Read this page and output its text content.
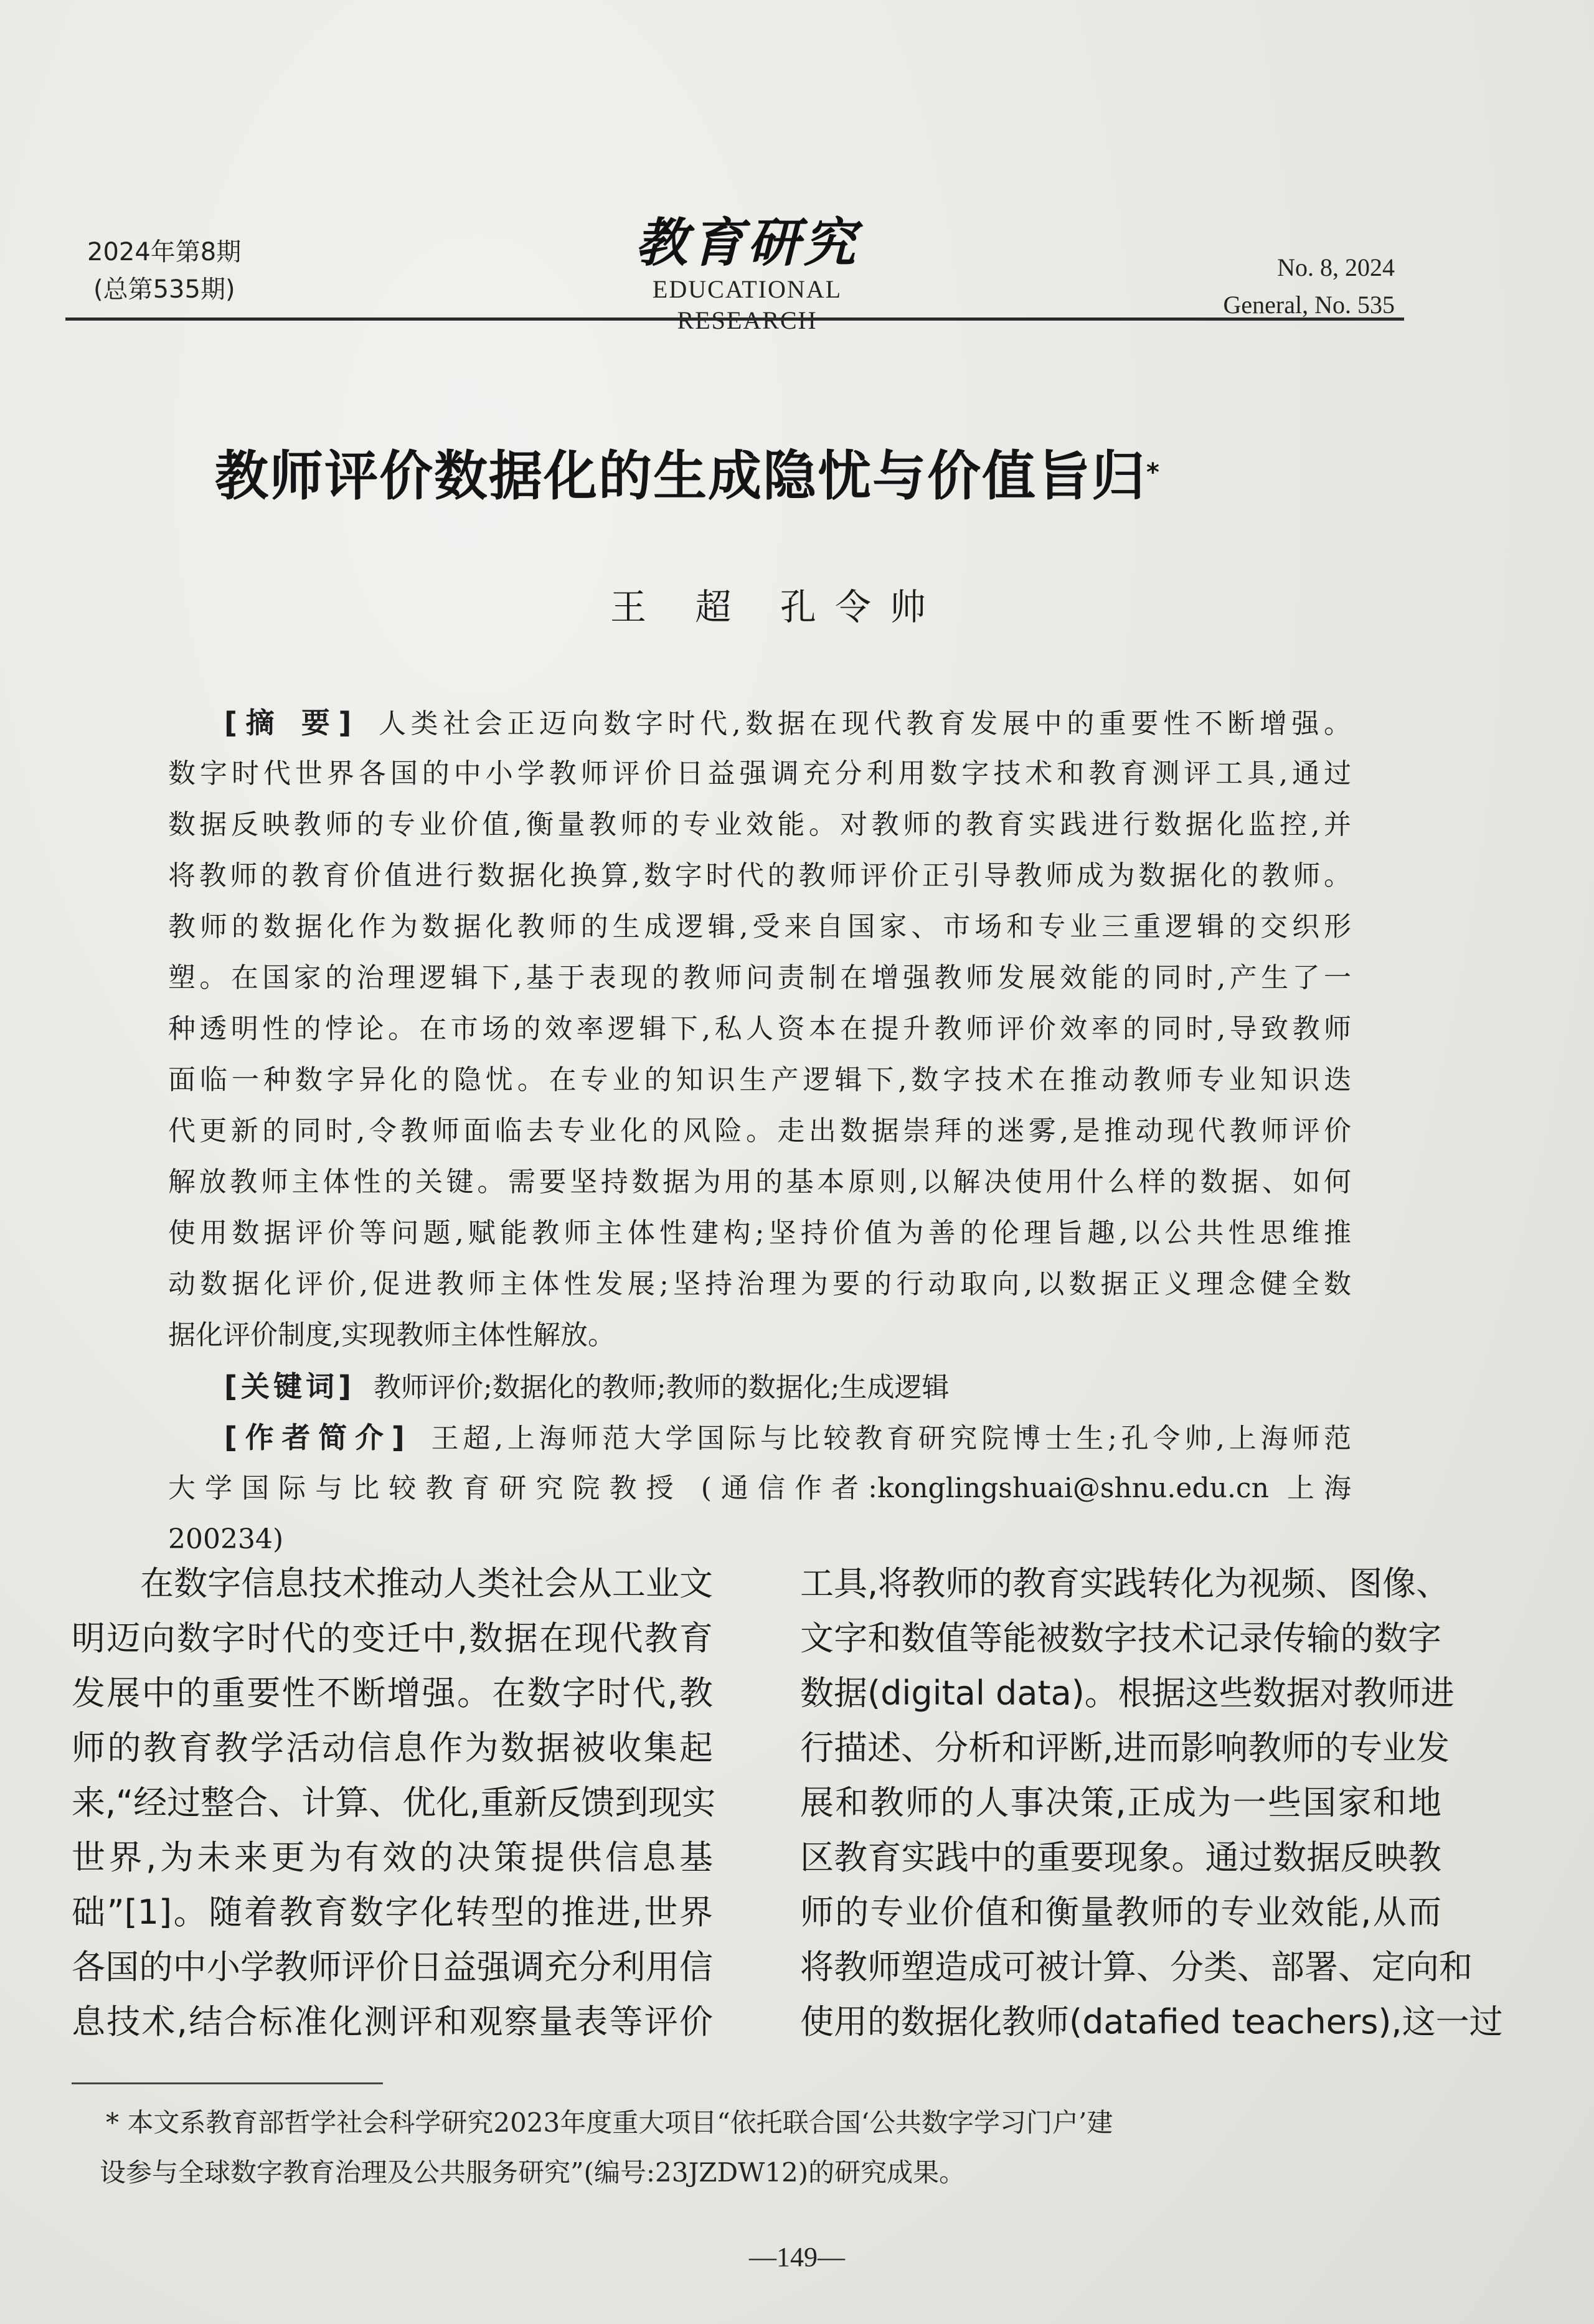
2024年第8期
(总第535期)
教育研究
EDUCATIONAL RESEARCH
No. 8, 2024
General, No. 535
教师评价数据化的生成隐忧与价值旨归*
王 超 孔令帅
[摘 要] 人类社会正迈向数字时代,数据在现代教育发展中的重要性不断增强。
数字时代世界各国的中小学教师评价日益强调充分利用数字技术和教育测评工具,通过
数据反映教师的专业价值,衡量教师的专业效能。对教师的教育实践进行数据化监控,并
将教师的教育价值进行数据化换算,数字时代的教师评价正引导教师成为数据化的教师。
教师的数据化作为数据化教师的生成逻辑,受来自国家、市场和专业三重逻辑的交织形
塑。在国家的治理逻辑下,基于表现的教师问责制在增强教师发展效能的同时,产生了一
种透明性的悖论。在市场的效率逻辑下,私人资本在提升教师评价效率的同时,导致教师
面临一种数字异化的隐忧。在专业的知识生产逻辑下,数字技术在推动教师专业知识迭
代更新的同时,令教师面临去专业化的风险。走出数据崇拜的迷雾,是推动现代教师评价
解放教师主体性的关键。需要坚持数据为用的基本原则,以解决使用什么样的数据、如何
使用数据评价等问题,赋能教师主体性建构;坚持价值为善的伦理旨趣,以公共性思维推
动数据化评价,促进教师主体性发展;坚持治理为要的行动取向,以数据正义理念健全数
据化评价制度,实现教师主体性解放。
[关键词] 教师评价;数据化的教师;教师的数据化;生成逻辑
[作者简介] 王超,上海师范大学国际与比较教育研究院博士生;孔令帅,上海师范
大学国际与比较教育研究院教授 (通信作者:konglingshuai@shnu.edu.cn 上海
200234)
在数字信息技术推动人类社会从工业文
明迈向数字时代的变迁中,数据在现代教育
发展中的重要性不断增强。在数字时代,教
师的教育教学活动信息作为数据被收集起
来,“经过整合、计算、优化,重新反馈到现实
世界,为未来更为有效的决策提供信息基
础”[1]。随着教育数字化转型的推进,世界
各国的中小学教师评价日益强调充分利用信
息技术,结合标准化测评和观察量表等评价
工具,将教师的教育实践转化为视频、图像、
文字和数值等能被数字技术记录传输的数字
数据(digital data)。根据这些数据对教师进
行描述、分析和评断,进而影响教师的专业发
展和教师的人事决策,正成为一些国家和地
区教育实践中的重要现象。通过数据反映教
师的专业价值和衡量教师的专业效能,从而
将教师塑造成可被计算、分类、部署、定向和
使用的数据化教师(datafied teachers),这一过
* 本文系教育部哲学社会科学研究2023年度重大项目“依托联合国‘公共数字学习门户’建
设参与全球数字教育治理及公共服务研究”(编号:23JZDW12)的研究成果。
—149—
